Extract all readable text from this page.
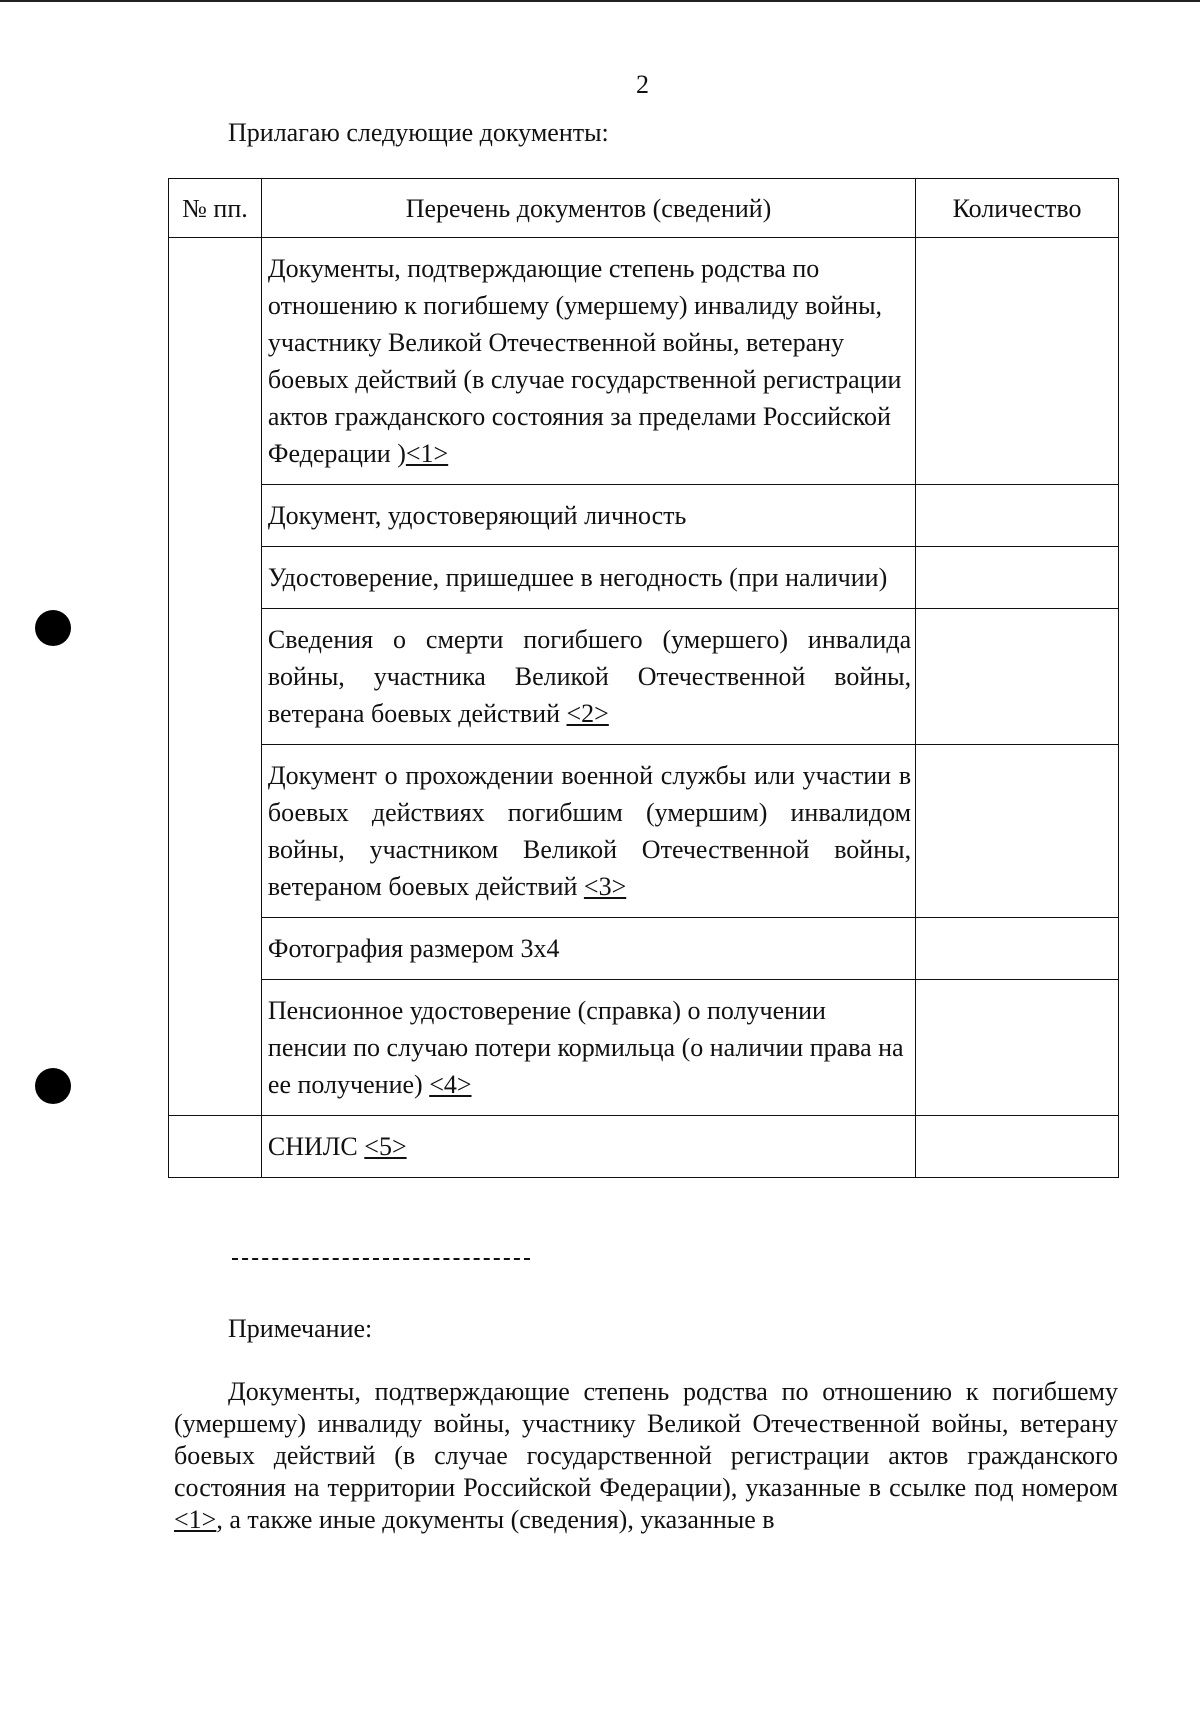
2
Прилагаю следующие документы:
№ пп.	Перечень документов (сведений)	Количество
	Документы, подтверждающие степень родства по отношению к погибшему (умершему) инвалиду войны, участнику Великой Отечественной войны, ветерану боевых действий (в случае государственной регистрации актов гражданского состояния за пределами Российской Федерации )<1>	
	Документ, удостоверяющий личность	
	Удостоверение, пришедшее в негодность (при наличии)	
	Сведения о смерти погибшего (умершего) инвалида войны, участника Великой Отечественной войны, ветерана боевых действий <2>	
	Документ о прохождении военной службы или участии в боевых действиях погибшим (умершим) инвалидом войны, участником Великой Отечественной войны, ветераном боевых действий <3>	
	Фотография размером 3x4	
	Пенсионное удостоверение (справка) о получении пенсии по случаю потери кормильца (о наличии права на ее получение) <4>	
	СНИЛС <5>	
Примечание:
Документы, подтверждающие степень родства по отношению к погибшему (умершему) инвалиду войны, участнику Великой Отечественной войны, ветерану боевых действий (в случае государственной регистрации актов гражданского состояния на территории Российской Федерации), указанные в ссылке под номером <1>, а также иные документы (сведения), указанные в
